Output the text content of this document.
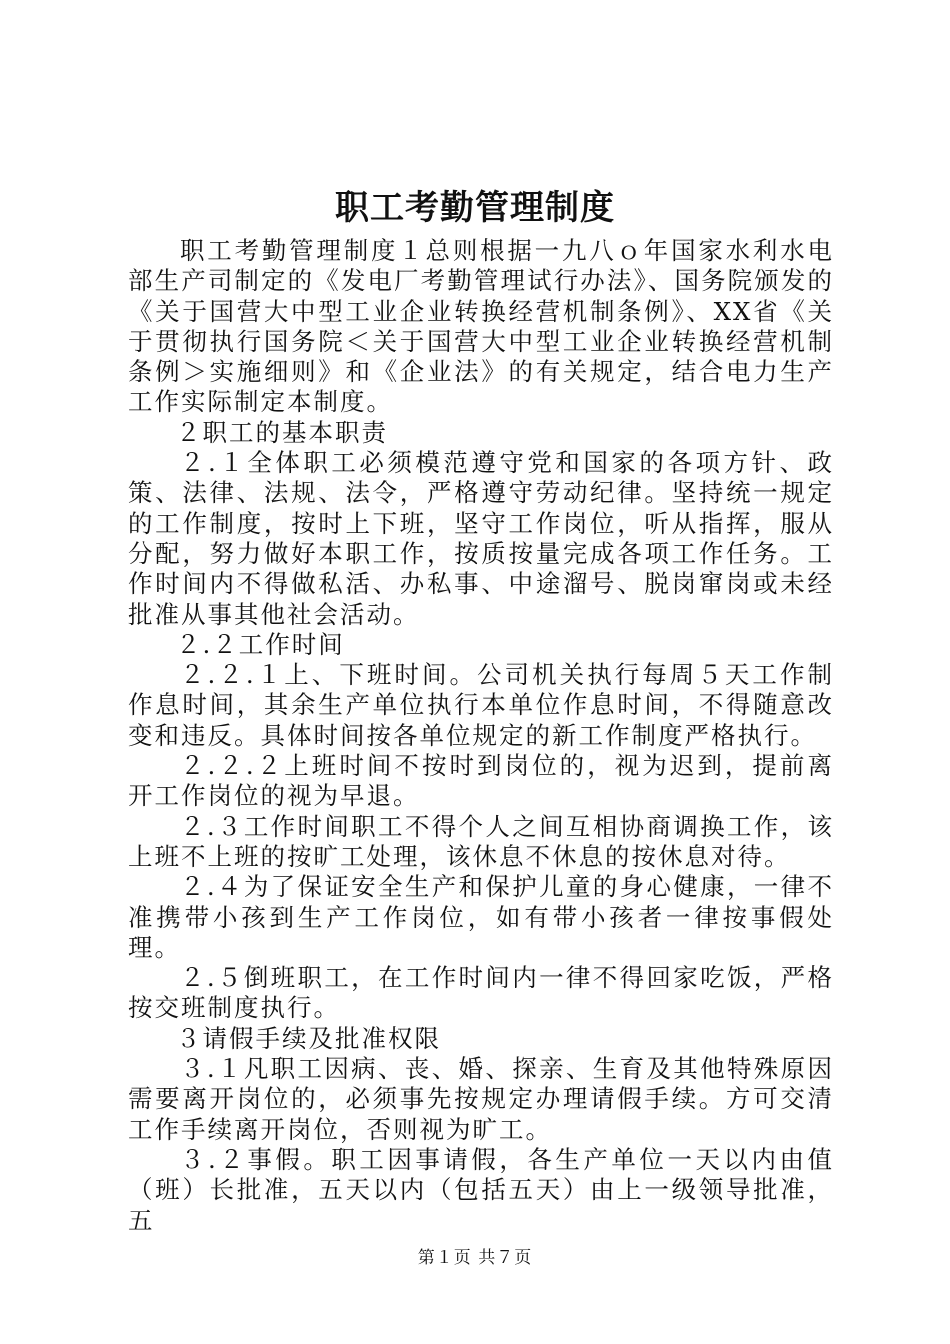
职工考勤管理制度

职工考勤管理制度１总则根据一九八ｏ年国家水利水电部生产司制定的《发电厂考勤管理试行办法》、国务院颁发的《关于国营大中型工业企业转换经营机制条例》、XX省《关于贯彻执行国务院＜关于国营大中型工业企业转换经营机制条例＞实施细则》和《企业法》的有关规定，结合电力生产工作实际制定本制度。

２职工的基本职责

２.１全体职工必须模范遵守党和国家的各项方针、政策、法律、法规、法令，严格遵守劳动纪律。坚持统一规定的工作制度，按时上下班，坚守工作岗位，听从指挥，服从分配，努力做好本职工作，按质按量完成各项工作任务。工作时间内不得做私活、办私事、中途溜号、脱岗窜岗或未经批准从事其他社会活动。

２.２工作时间

２.２.１上、下班时间。公司机关执行每周５天工作制作息时间，其余生产单位执行本单位作息时间，不得随意改变和违反。具体时间按各单位规定的新工作制度严格执行。

２.２.２上班时间不按时到岗位的，视为迟到，提前离开工作岗位的视为早退。

２.３工作时间职工不得个人之间互相协商调换工作，该上班不上班的按旷工处理，该休息不休息的按休息对待。

２.４为了保证安全生产和保护儿童的身心健康，一律不准携带小孩到生产工作岗位，如有带小孩者一律按事假处理。

２.５倒班职工，在工作时间内一律不得回家吃饭，严格按交班制度执行。

３请假手续及批准权限

３.１凡职工因病、丧、婚、探亲、生育及其他特殊原因需要离开岗位的，必须事先按规定办理请假手续。方可交清工作手续离开岗位，否则视为旷工。

３.２事假。职工因事请假，各生产单位一天以内由值（班）长批准，五天以内（包括五天）由上一级领导批准，五

第１页 共７页
